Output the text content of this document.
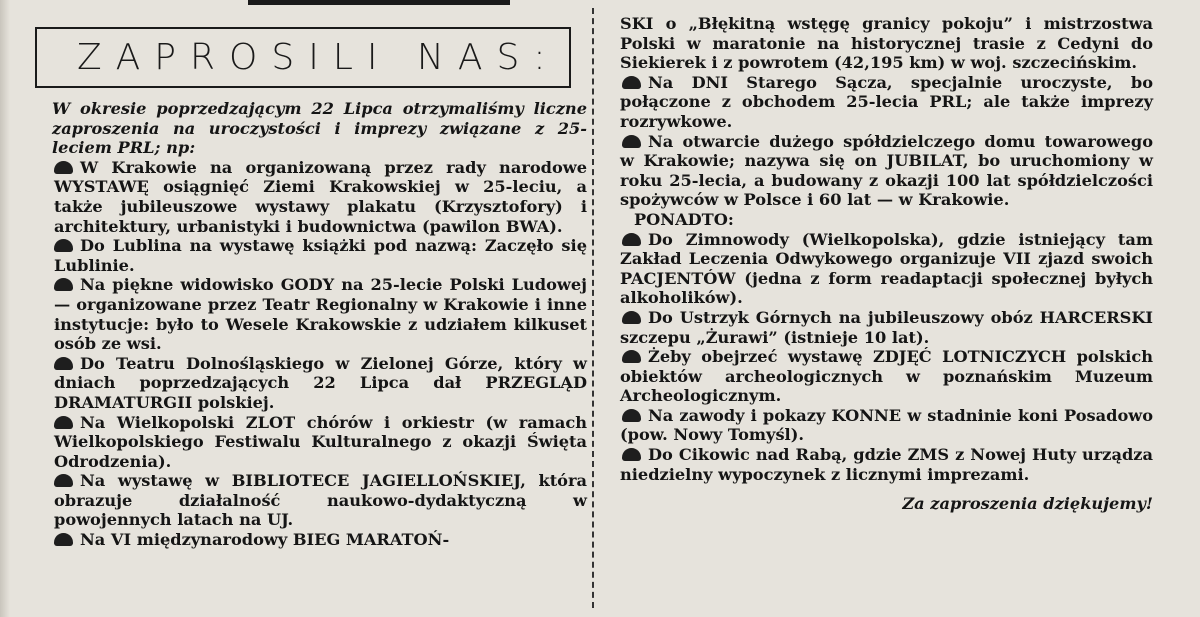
ZAPROSILI NAS:

W okresie poprzedzającym 22 Lipca otrzymaliśmy liczne zaproszenia na uroczystości i imprezy związane z 25-leciem PRL; np:

W Krakowie na organizowaną przez rady narodowe WYSTAWĘ osiągnięć Ziemi Krakowskiej w 25-leciu, a także jubileuszowe wystawy plakatu (Krzysztofory) i architektury, urbanistyki i budownictwa (pawilon BWA).

Do Lublina na wystawę książki pod nazwą: Zaczęło się Lublinie.

Na piękne widowisko GODY na 25-lecie Polski Ludowej — organizowane przez Teatr Regionalny w Krakowie i inne instytucje: było to Wesele Krakowskie z udziałem kilkuset osób ze wsi.

Do Teatru Dolnośląskiego w Zielonej Górze, który w dniach poprzedzających 22 Lipca dał PRZEGLĄD DRAMATURGII polskiej.

Na Wielkopolski ZLOT chórów i orkiestr (w ramach Wielkopolskiego Festiwalu Kulturalnego z okazji Święta Odrodzenia).

Na wystawę w BIBLIOTECE JAGIELLOŃSKIEJ, która obrazuje działalność naukowo-dydaktyczną w powojennych latach na UJ.

Na VI międzynarodowy BIEG MARATOŃ-

SKI o „Błękitną wstęgę granicy pokoju” i mistrzostwa Polski w maratonie na historycznej trasie z Cedyni do Siekierek i z powrotem (42,195 km) w woj. szczecińskim.

Na DNI Starego Sącza, specjalnie uroczyste, bo połączone z obchodem 25-lecia PRL; ale także imprezy rozrywkowe.

Na otwarcie dużego spółdzielczego domu towarowego w Krakowie; nazywa się on JUBILAT, bo uruchomiony w roku 25-lecia, a budowany z okazji 100 lat spółdzielczości spożywców w Polsce i 60 lat — w Krakowie.

PONADTO:

Do Zimnowody (Wielkopolska), gdzie istniejący tam Zakład Leczenia Odwykowego organizuje VII zjazd swoich PACJENTÓW (jedna z form readaptacji społecznej byłych alkoholików).

Do Ustrzyk Górnych na jubileuszowy obóz HARCERSKI szczepu „Żurawi” (istnieje 10 lat).

Żeby obejrzeć wystawę ZDJĘĆ LOTNICZYCH polskich obiektów archeologicznych w poznańskim Muzeum Archeologicznym.

Na zawody i pokazy KONNE w stadninie koni Posadowo (pow. Nowy Tomyśl).

Do Cikowic nad Rabą, gdzie ZMS z Nowej Huty urządza niedzielny wypoczynek z licznymi imprezami.

Za zaproszenia dziękujemy!
